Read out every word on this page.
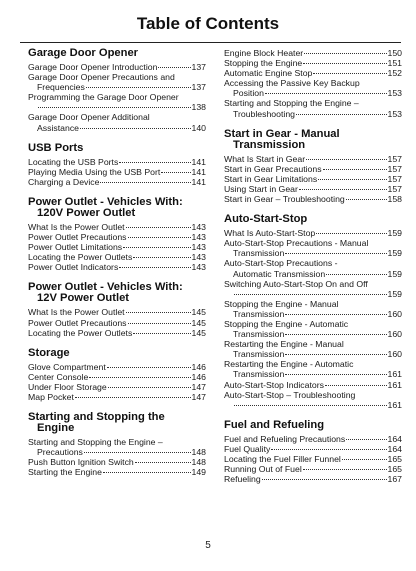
Table of Contents
Garage Door Opener
Garage Door Opener Introduction	137
Garage Door Opener Precautions and
Frequencies	137
Programming the Garage Door Opener
138
Garage Door Opener Additional
Assistance	140
USB Ports
Locating the USB Ports	141
Playing Media Using the USB Port	141
Charging a Device	141
Power Outlet - Vehicles With:
120V Power Outlet
What Is the Power Outlet	143
Power Outlet Precautions	143
Power Outlet Limitations	143
Locating the Power Outlets	143
Power Outlet Indicators	143
Power Outlet - Vehicles With:
12V Power Outlet
What Is the Power Outlet	145
Power Outlet Precautions	145
Locating the Power Outlets	145
Storage
Glove Compartment	146
Center Console	146
Under Floor Storage	147
Map Pocket	147
Starting and Stopping the
Engine
Starting and Stopping the Engine –
Precautions	148
Push Button Ignition Switch	148
Starting the Engine	149
Engine Block Heater	150
Stopping the Engine	151
Automatic Engine Stop	152
Accessing the Passive Key Backup
Position	153
Starting and Stopping the Engine –
Troubleshooting	153
Start in Gear - Manual
Transmission
What Is Start in Gear	157
Start in Gear Precautions	157
Start in Gear Limitations	157
Using Start in Gear	157
Start in Gear – Troubleshooting	158
Auto-Start-Stop
What Is Auto-Start-Stop	159
Auto-Start-Stop Precautions - Manual
Transmission	159
Auto-Start-Stop Precautions -
Automatic Transmission	159
Switching Auto-Start-Stop On and Off
159
Stopping the Engine - Manual
Transmission	160
Stopping the Engine - Automatic
Transmission	160
Restarting the Engine - Manual
Transmission	160
Restarting the Engine - Automatic
Transmission	161
Auto-Start-Stop Indicators	161
Auto-Start-Stop – Troubleshooting
161
Fuel and Refueling
Fuel and Refueling Precautions	164
Fuel Quality	164
Locating the Fuel Filler Funnel	165
Running Out of Fuel	165
Refueling	167
5
